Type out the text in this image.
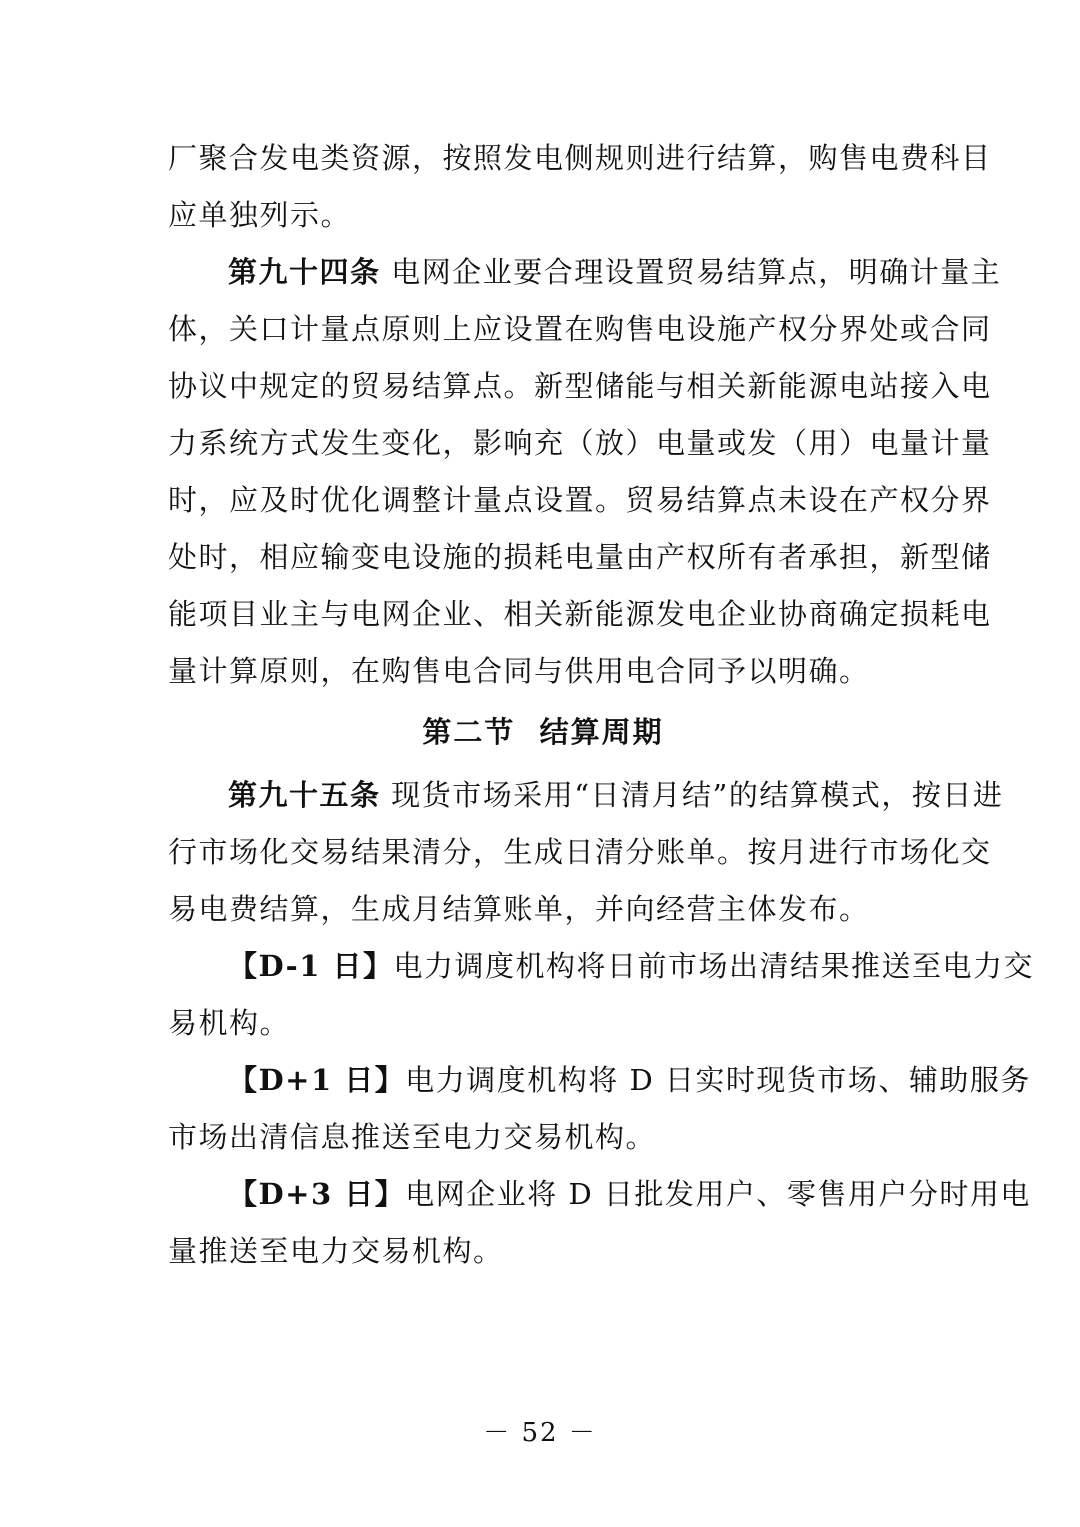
厂聚合发电类资源，按照发电侧规则进行结算，购售电费科目
应单独列示。
第九十四条 电网企业要合理设置贸易结算点，明确计量主
体，关口计量点原则上应设置在购售电设施产权分界处或合同
协议中规定的贸易结算点。新型储能与相关新能源电站接入电
力系统方式发生变化，影响充（放）电量或发（用）电量计量
时，应及时优化调整计量点设置。贸易结算点未设在产权分界
处时，相应输变电设施的损耗电量由产权所有者承担，新型储
能项目业主与电网企业、相关新能源发电企业协商确定损耗电
量计算原则，在购售电合同与供用电合同予以明确。
第二节  结算周期
第九十五条 现货市场采用“日清月结”的结算模式，按日进
行市场化交易结果清分，生成日清分账单。按月进行市场化交
易电费结算，生成月结算账单，并向经营主体发布。
【D-1 日】电力调度机构将日前市场出清结果推送至电力交
易机构。
【D+1 日】电力调度机构将 D 日实时现货市场、辅助服务
市场出清信息推送至电力交易机构。
【D+3 日】电网企业将 D 日批发用户、零售用户分时用电
量推送至电力交易机构。
－ 52 －
